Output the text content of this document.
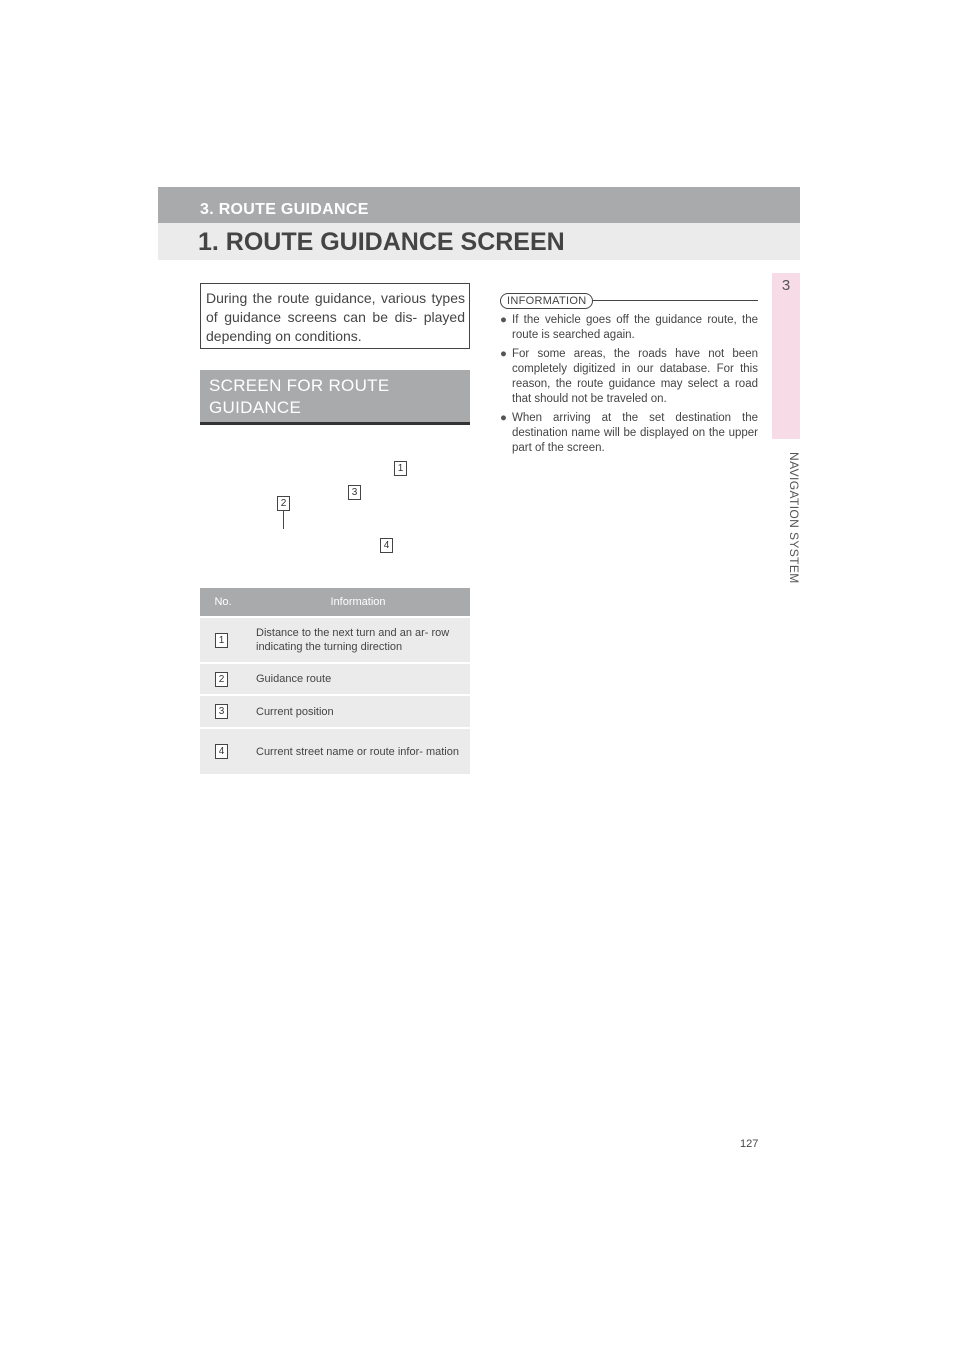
3. ROUTE GUIDANCE
1. ROUTE GUIDANCE SCREEN
3
NAVIGATION SYSTEM
During the route guidance, various types of guidance screens can be dis- played depending on conditions.
SCREEN FOR ROUTE GUIDANCE
1
2
3
4
No.	Information
1	Distance to the next turn and an ar- row indicating the turning direction
2	Guidance route
3	Current position
4	Current street name or route infor- mation
INFORMATION
● If the vehicle goes off the guidance route, the route is searched again.
● For some areas, the roads have not been completely digitized in our database. For this reason, the route guidance may select a road that should not be traveled on.
● When arriving at the set destination the destination name will be displayed on the upper part of the screen.
127
